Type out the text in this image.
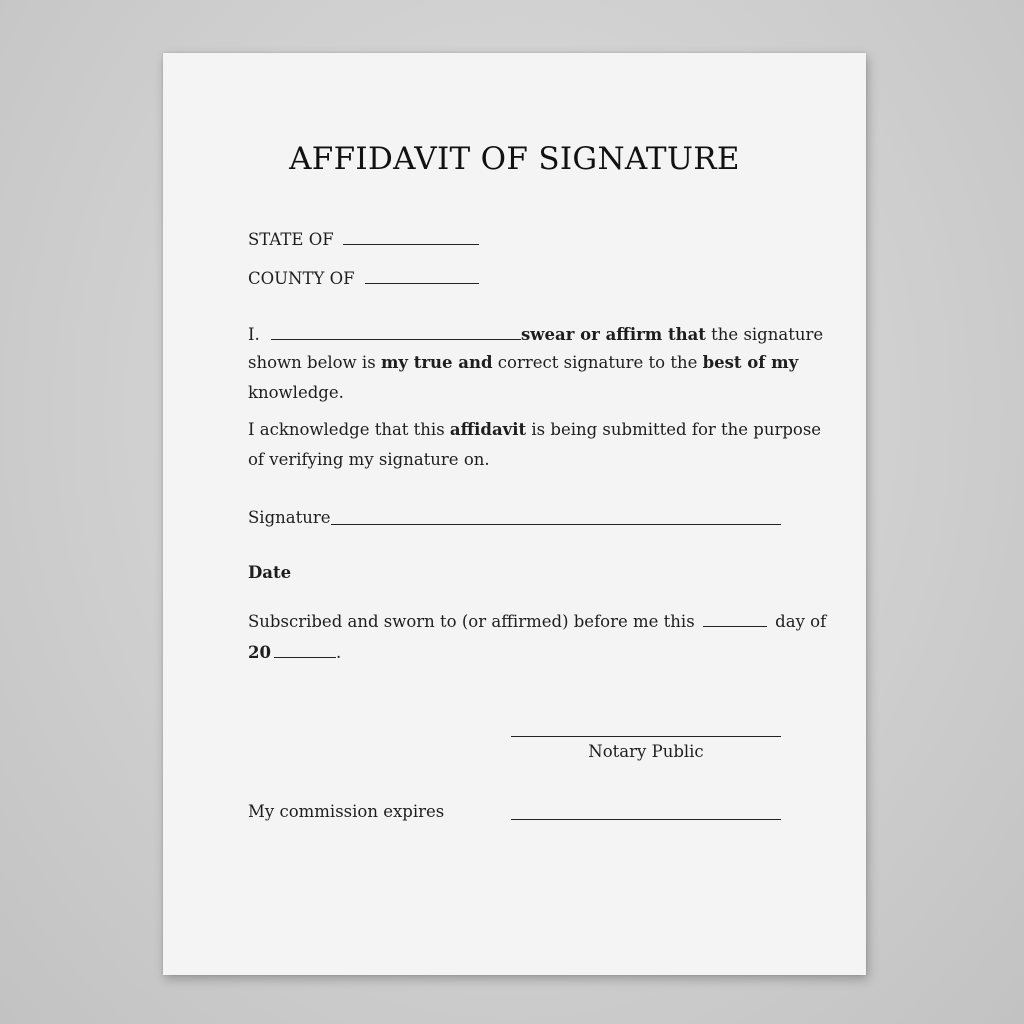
AFFIDAVIT OF SIGNATURE
STATE OF
COUNTY OF
I.	swear or affirm that the signature
shown below is my true and correct signature to the best of my
knowledge.
I acknowledge that this affidavit is being submitted for the purpose
of verifying my signature on.
Signature
Date
Subscribed and sworn to (or affirmed) before me this	day of
20	.
Notary Public
My commission expires
